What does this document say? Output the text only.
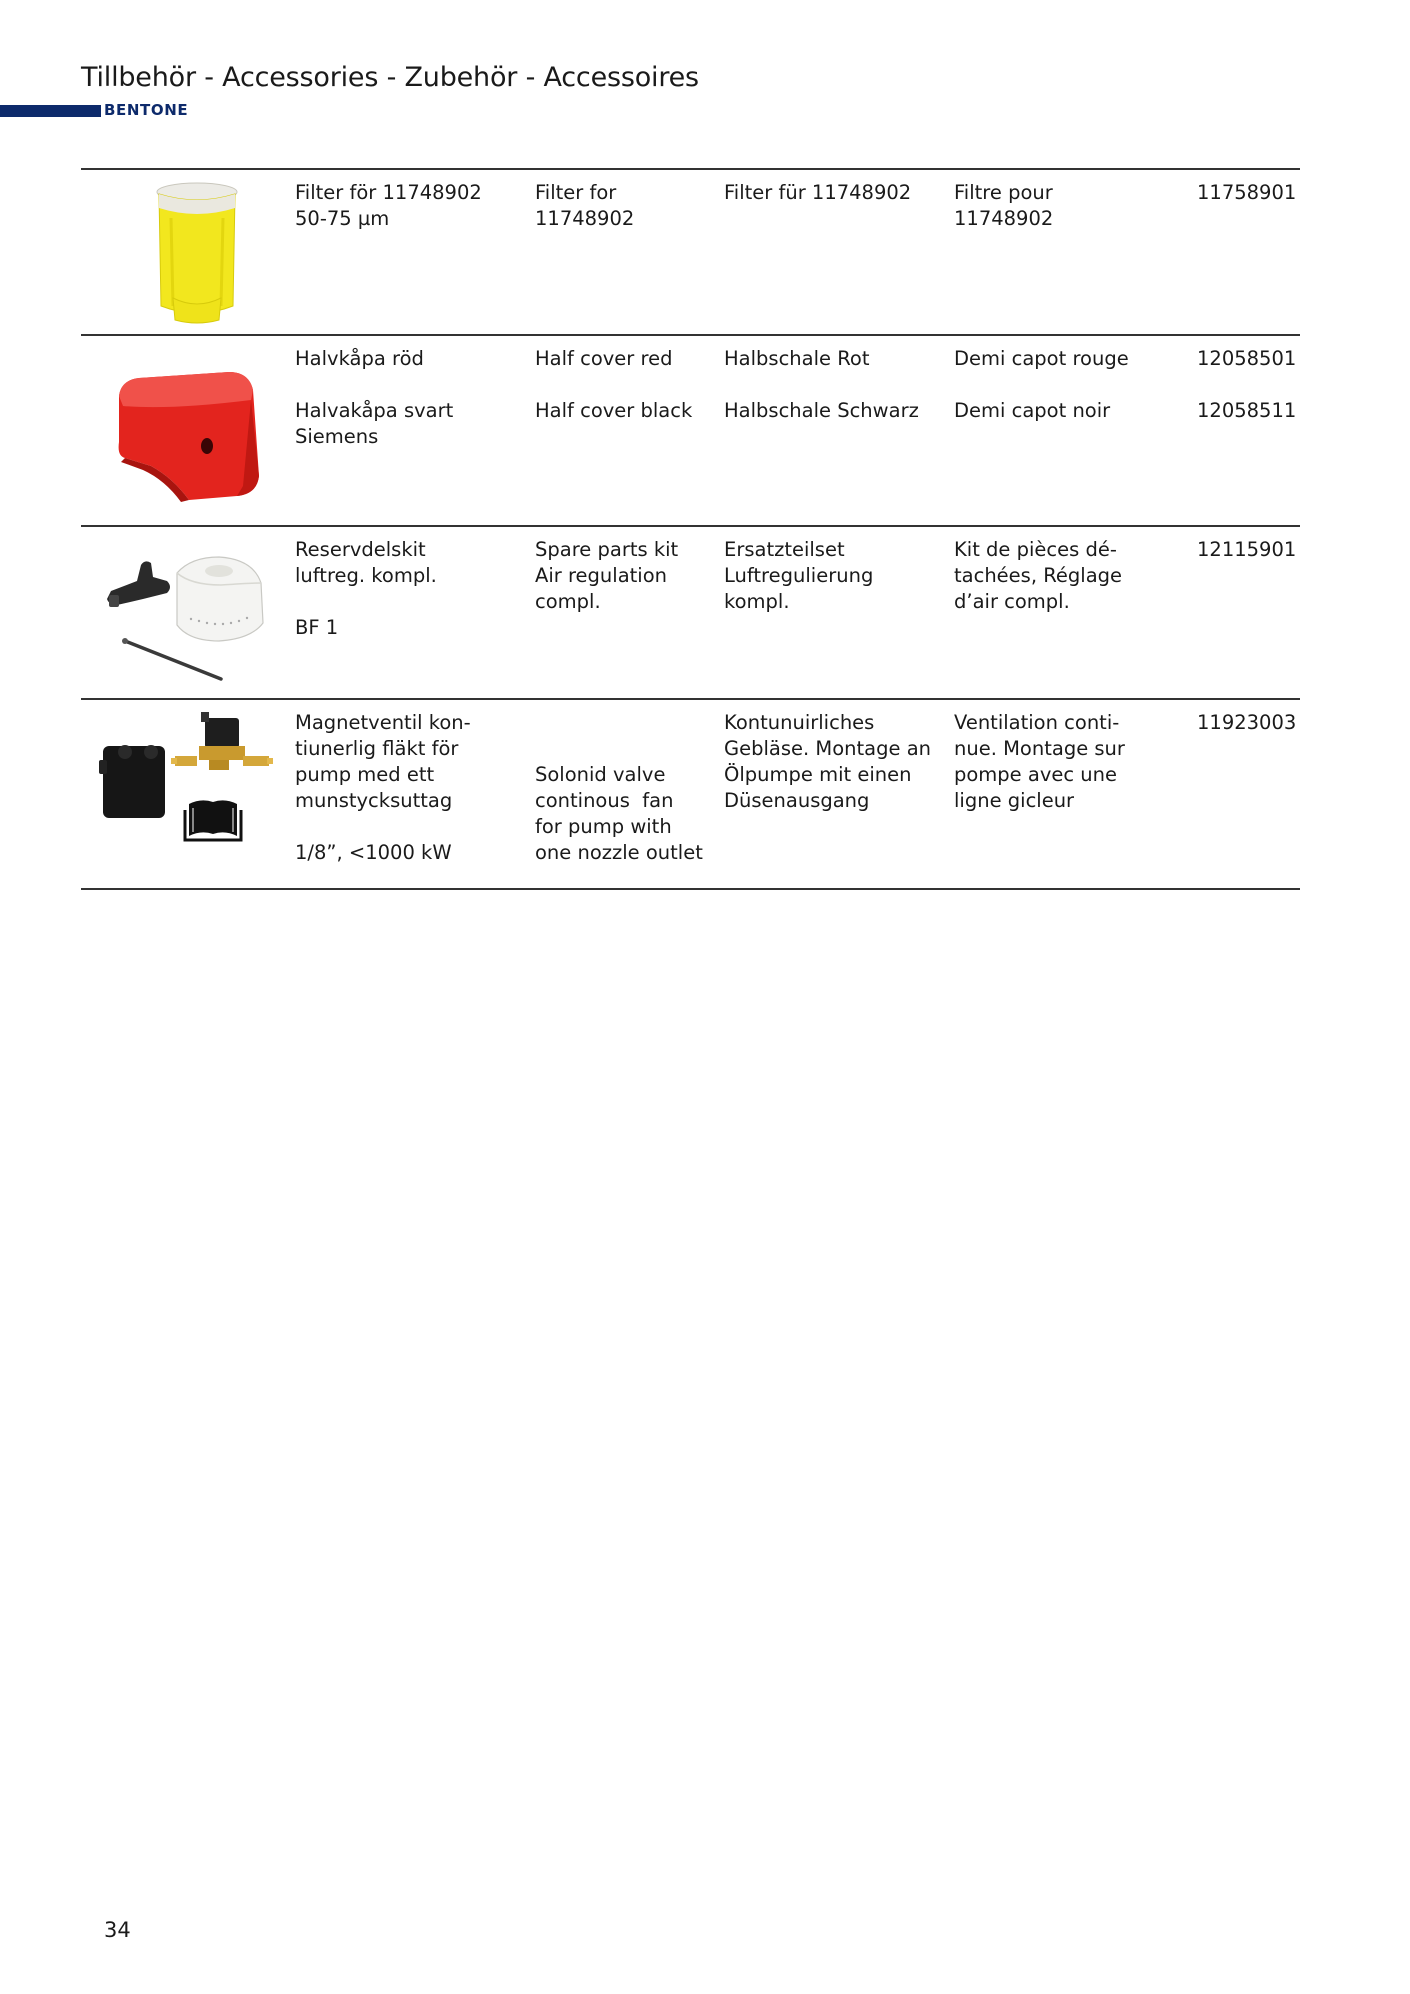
Tillbehör - Accessories - Zubehör - Accessoires
BENTONE
Filter för 11748902
50-75 µm
Filter for
11748902
Filter für 11748902 Filtre pour
11748902
11758901
Halvkåpa röd
Halvakåpa svart
Siemens
Half cover red
Half cover black
Halbschale Rot
Halbschale Schwarz
Demi capot rouge
Demi capot noir
12058501
12058511
Reservdelskit
luftreg. kompl.
BF 1
Spare parts kit
Air regulation
compl.
Ersatzteilset
Luftregulierung
kompl.
Kit de pièces dé-
tachées, Réglage
d’air compl.
12115901
Magnetventil kon-
tiunerlig fläkt för
pump med ett
munstycksuttag
1/8”, <1000 kW

Solonid valve
continous  fan
for pump with
one nozzle outlet

Kontunuirliches
Gebläse. Montage an
Ölpumpe mit einen
Düsenausgang
Ventilation conti-
nue. Montage sur
pompe avec une
ligne gicleur
11923003
34
